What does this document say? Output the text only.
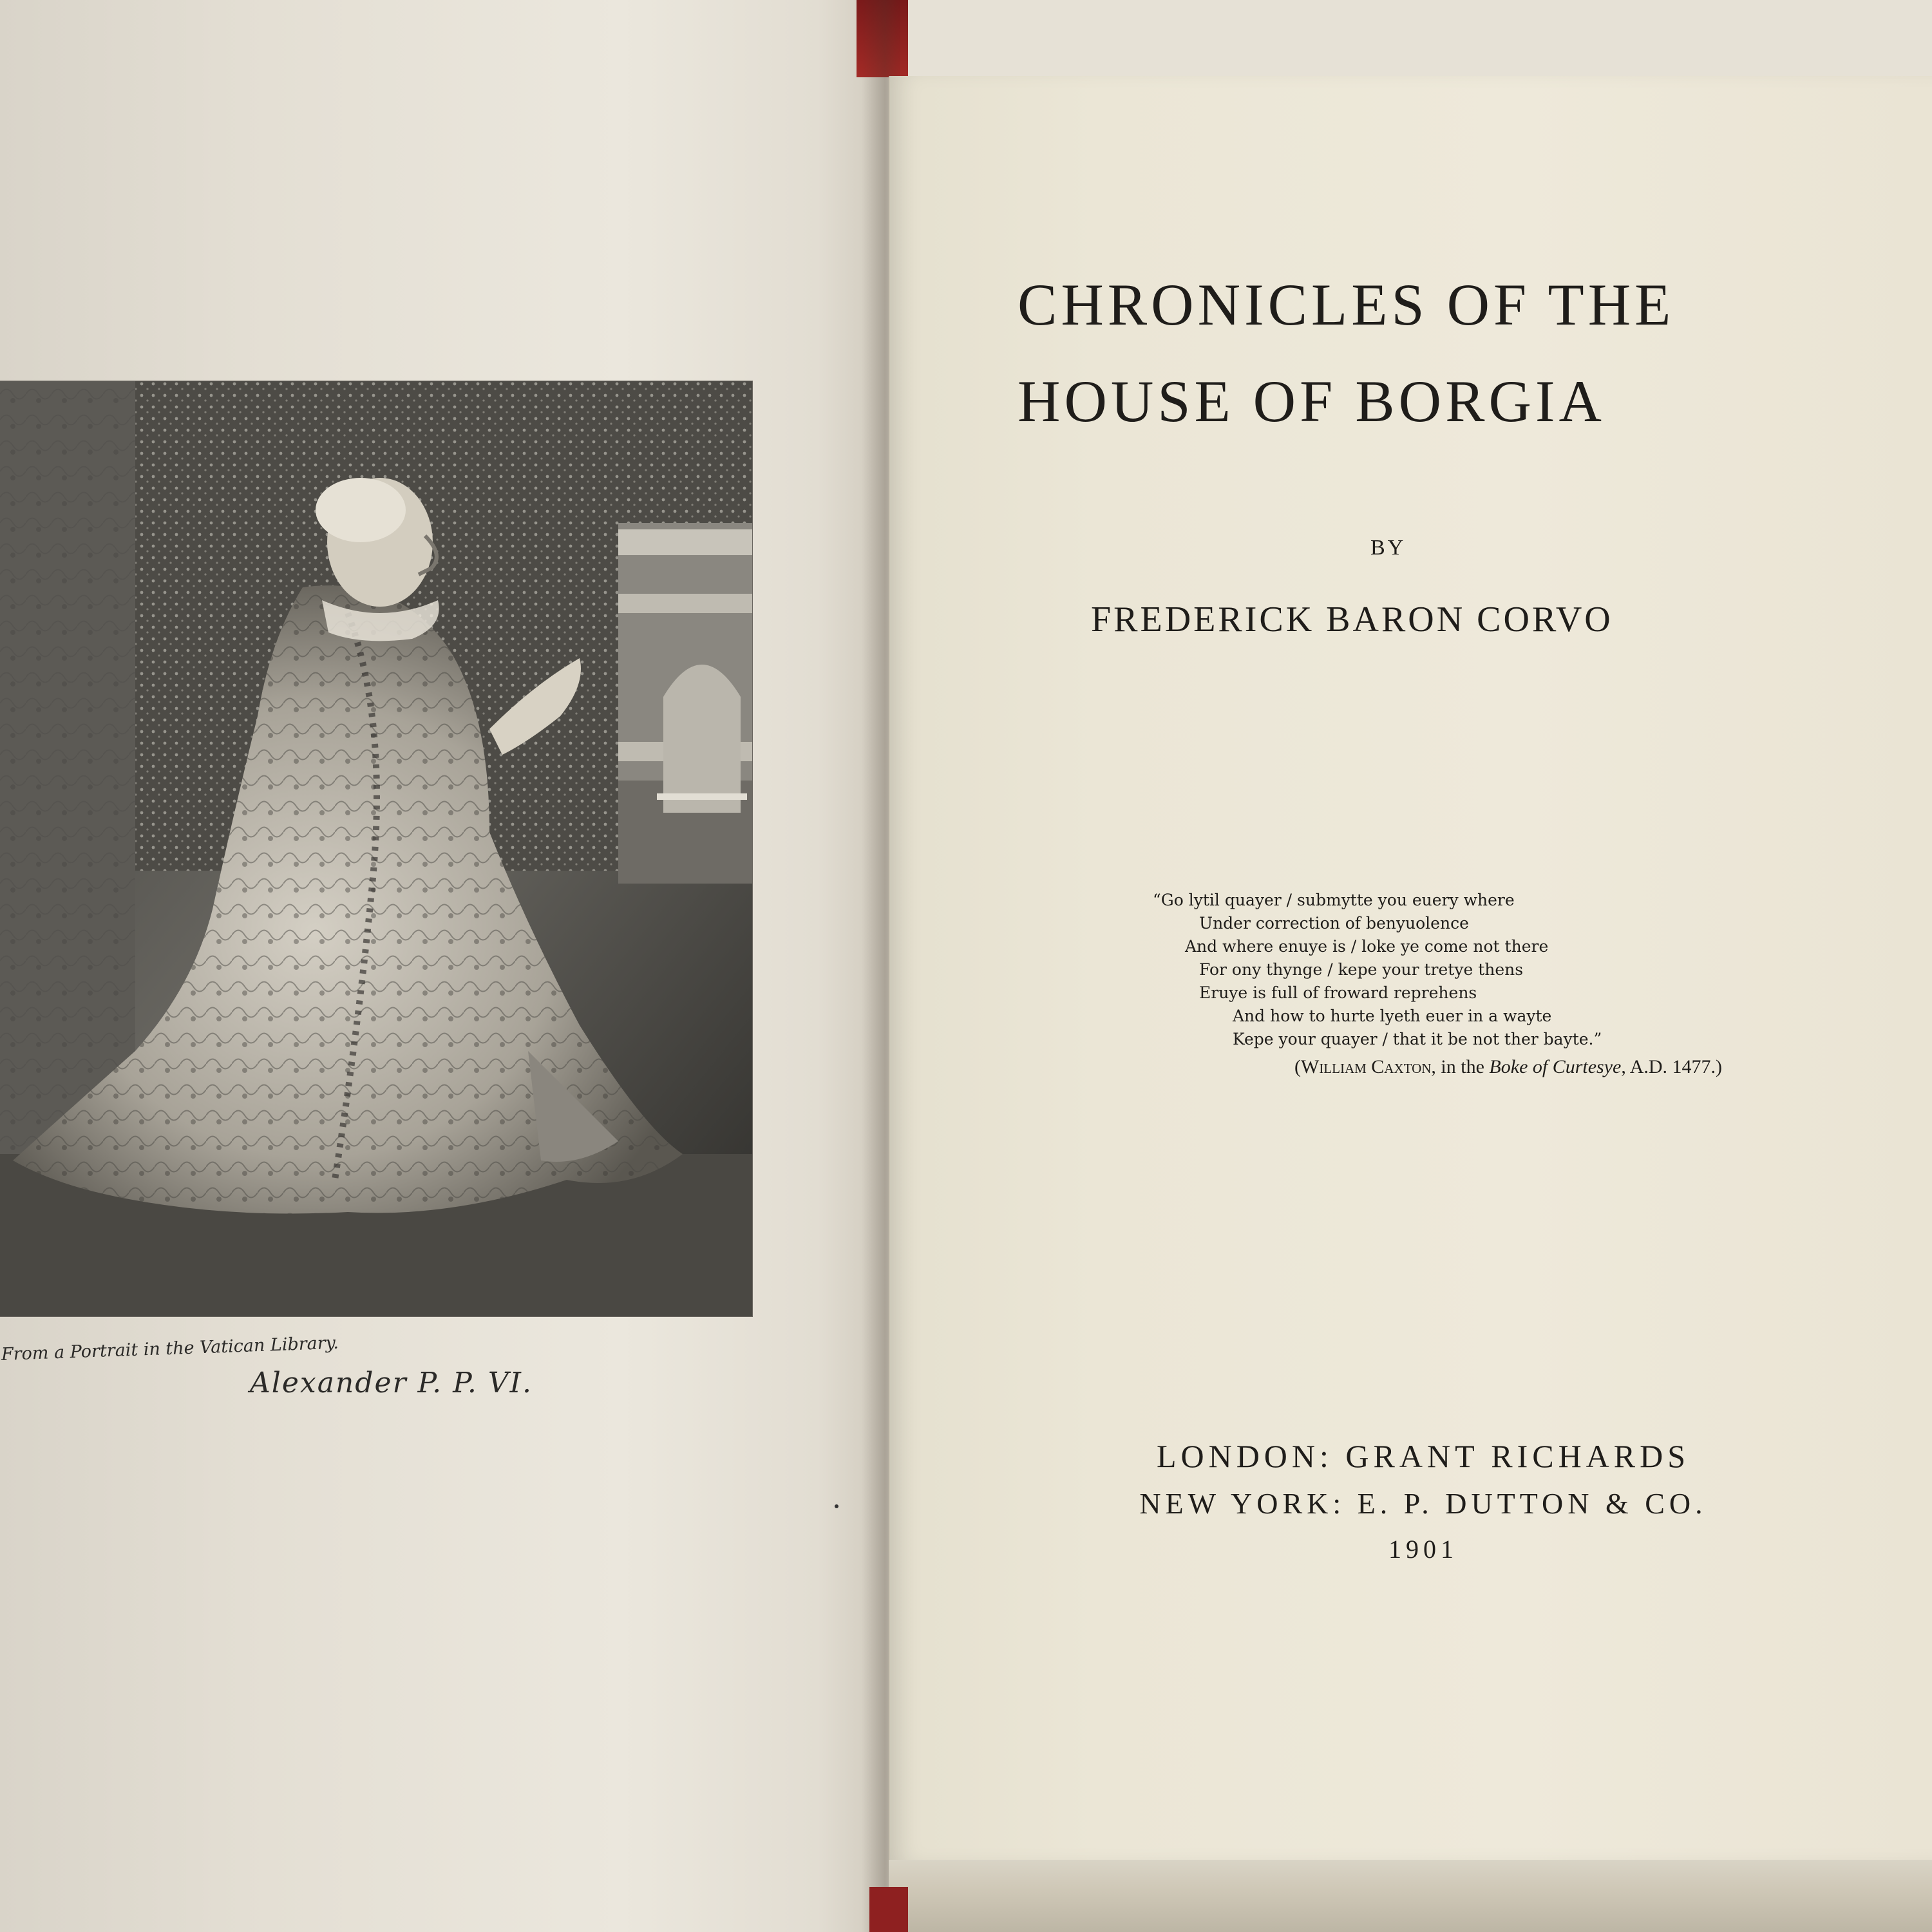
From a Portrait in the Vatican Library.
Alexander P. P. VI.
CHRONICLES OF THE
HOUSE OF BORGIA
BY
FREDERICK BARON CORVO
“Go lytil quayer / submytte you euery where
Under correction of benyuolence
And where enuye is / loke ye come not there
For ony thynge / kepe your tretye thens
Eruye is full of froward reprehens
And how to hurte lyeth euer in a wayte
Kepe your quayer / that it be not ther bayte.”
(William Caxton, in the Boke of Curtesye, A.D. 1477.)
LONDON: GRANT RICHARDS
NEW YORK: E. P. DUTTON & CO.
1901
